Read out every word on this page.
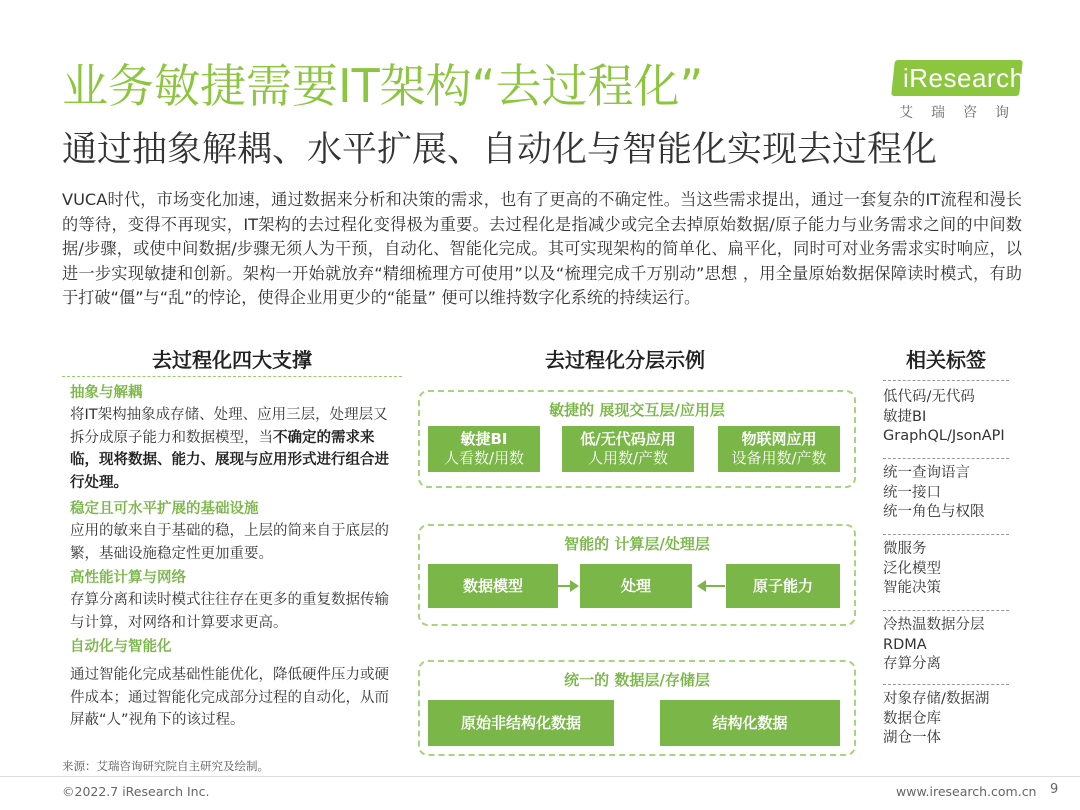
业务敏捷需要IT架构“去过程化”
通过抽象解耦、水平扩展、自动化与智能化实现去过程化
iResearch
艾瑞咨询
VUCA时代，市场变化加速，通过数据来分析和决策的需求，也有了更高的不确定性。当这些需求提出，通过一套复杂的IT流程和漫长的等待，变得不再现实，IT架构的去过程化变得极为重要。去过程化是指减少或完全去掉原始数据/原子能力与业务需求之间的中间数据/步骤，或使中间数据/步骤无须人为干预，自动化、智能化完成。其可实现架构的简单化、扁平化，同时可对业务需求实时响应，以进一步实现敏捷和创新。架构一开始就放弃“精细梳理方可使用”以及“梳理完成千万别动”思想 ，用全量原始数据保障读时模式，有助于打破“僵”与“乱”的悖论，使得企业用更少的“能量” 便可以维持数字化系统的持续运行。
去过程化四大支撑	去过程化分层示例	相关标签
抽象与解耦
将IT架构抽象成存储、处理、应用三层，处理层又拆分成原子能力和数据模型，当不确定的需求来临，现将数据、能力、展现与应用形式进行组合进行处理。
稳定且可水平扩展的基础设施
应用的敏来自于基础的稳，上层的简来自于底层的繁，基础设施稳定性更加重要。
高性能计算与网络
存算分离和读时模式往往存在更多的重复数据传输与计算，对网络和计算要求更高。
自动化与智能化
通过智能化完成基础性能优化，降低硬件压力或硬件成本；通过智能化完成部分过程的自动化，从而屏蔽“人”视角下的该过程。
敏捷的 展现交互层/应用层
敏捷BI
人看数/用数
低/无代码应用
人用数/产数
物联网应用
设备用数/产数
智能的 计算层/处理层
数据模型	处理	原子能力
统一的 数据层/存储层
原始非结构化数据	结构化数据
低代码/无代码
敏捷BI
GraphQL/JsonAPI
统一查询语言
统一接口
统一角色与权限
微服务
泛化模型
智能决策
冷热温数据分层
RDMA
存算分离
对象存储/数据湖
数据仓库
湖仓一体
来源：艾瑞咨询研究院自主研究及绘制。
©2022.7 iResearch Inc.	www.iresearch.com.cn 9
